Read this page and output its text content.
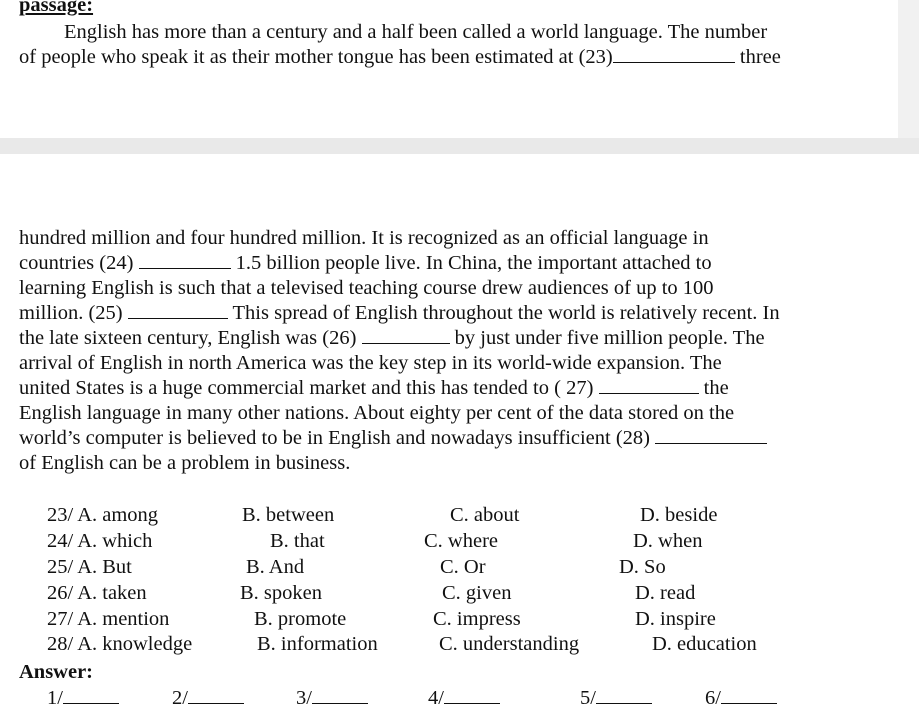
passage:
English has more than a century and a half been called a world language. The number
of people who speak it as their mother tongue has been estimated at (23)	three
hundred million and four hundred million. It is recognized as an official language in
countries (24)	1.5 billion people live. In China, the important attached to
learning English is such that a televised teaching course drew audiences of up to 100
million. (25)	This spread of English throughout the world is relatively recent. In
the late sixteen century, English was (26)	by just under five million people. The
arrival of English in north America was the key step in its world-wide expansion. The
united States is a huge commercial market and this has tended to ( 27)	the
English language in many other nations. About eighty per cent of the data stored on the
world’s computer is believed to be in English and nowadays insufficient (28)
of English can be a problem in business.
23/ A. among	B. between	C. about	D. beside
24/ A. which	B. that	C. where	D. when
25/ A. But	B. And	C. Or	D. So
26/ A. taken	B. spoken	C. given	D. read
27/ A. mention	B. promote	C. impress	D. inspire
28/ A. knowledge	B. information	C. understanding	D. education
Answer:
1/	2/	3/	4/	5/	6/
